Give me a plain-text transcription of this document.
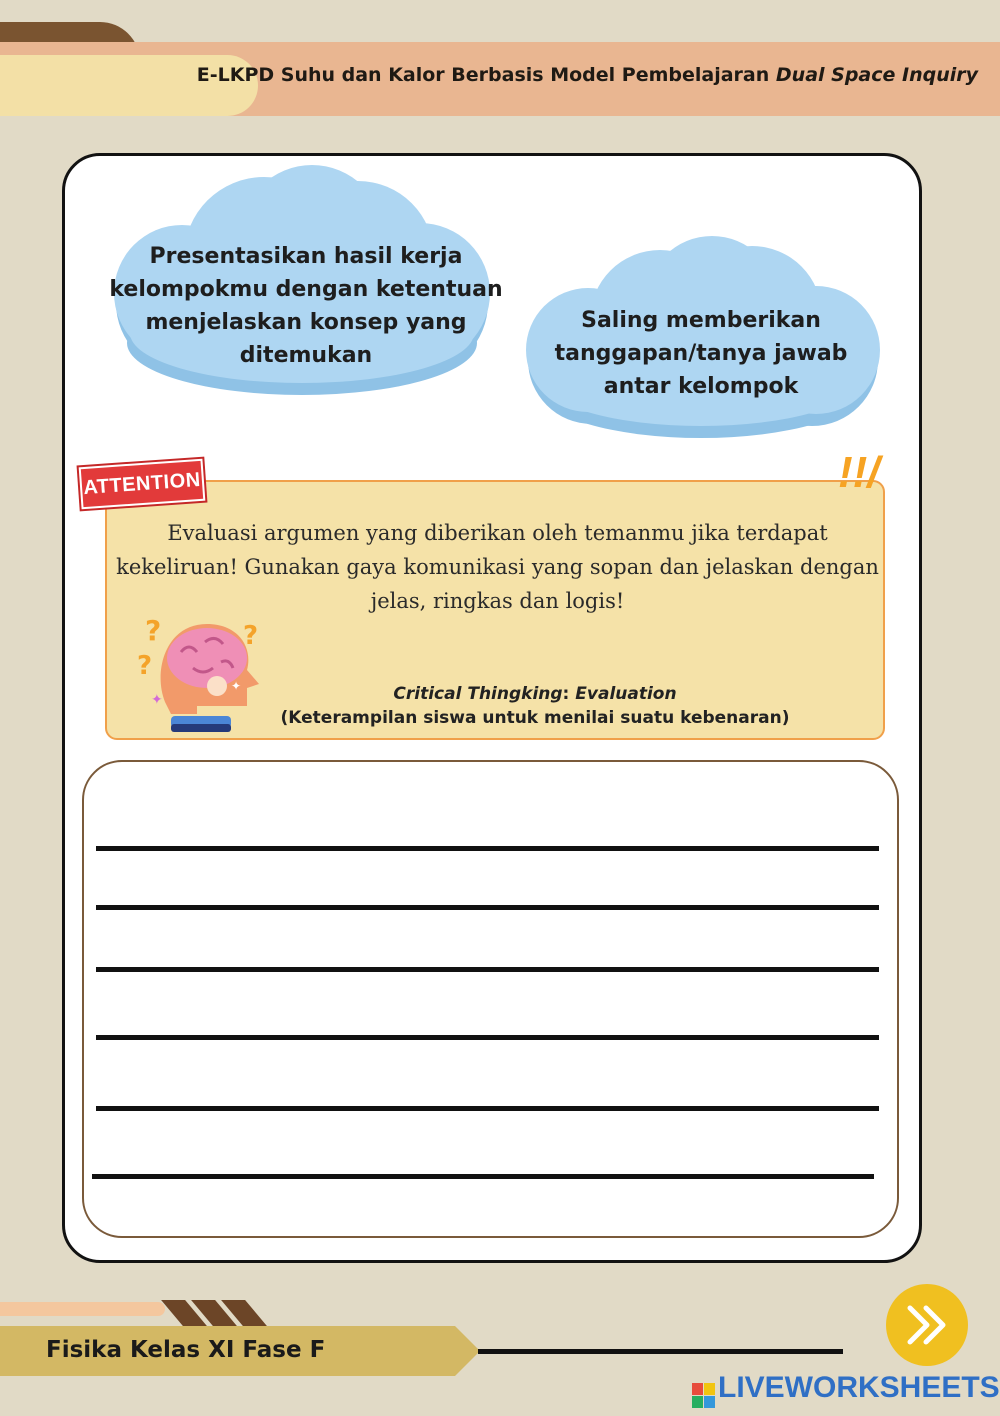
E-LKPD Suhu dan Kalor Berbasis Model Pembelajaran Dual Space Inquiry
Presentasikan hasil kerja kelompokmu dengan ketentuan menjelaskan konsep yang ditemukan
Saling memberikan tanggapan/tanya jawab antar kelompok
ATTENTION	!!/
Evaluasi argumen yang diberikan oleh temanmu jika terdapat kekeliruan! Gunakan gaya komunikasi yang sopan dan jelaskan dengan jelas, ringkas dan logis!
?
?
?
✦
✦	Critical Thingking: Evaluation
(Keterampilan siswa untuk menilai suatu kebenaran)
Fisika Kelas XI Fase F
LIVEWORKSHEETS
